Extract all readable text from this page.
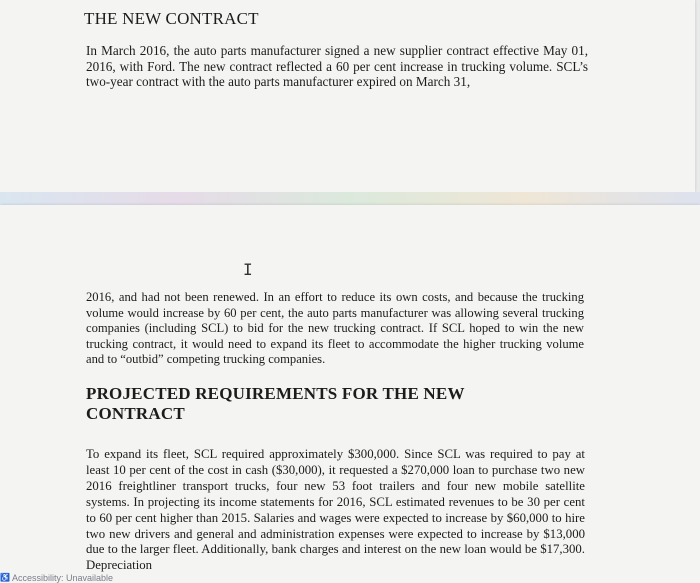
THE NEW CONTRACT

In March 2016, the auto parts manufacturer signed a new supplier contract effective May 01, 2016, with Ford. The new contract reflected a 60 per cent increase in trucking volume. SCL’s two-year contract with the auto parts manufacturer expired on March 31,

I

2016, and had not been renewed. In an effort to reduce its own costs, and because the trucking volume would increase by 60 per cent, the auto parts manufacturer was allowing several trucking companies (including SCL) to bid for the new trucking contract. If SCL hoped to win the new trucking contract, it would need to expand its fleet to accommodate the higher trucking volume and to “outbid” competing trucking companies.

PROJECTED REQUIREMENTS FOR THE NEW CONTRACT

To expand its fleet, SCL required approximately $300,000. Since SCL was required to pay at least 10 per cent of the cost in cash ($30,000), it requested a $270,000 loan to purchase two new 2016 freightliner transport trucks, four new 53 foot trailers and four new mobile satellite systems. In projecting its income statements for 2016, SCL estimated revenues to be 30 per cent to 60 per cent higher than 2015. Salaries and wages were expected to increase by $60,000 to hire two new drivers and general and administration expenses were expected to increase by $13,000 due to the larger fleet. Additionally, bank charges and interest on the new loan would be $17,300. Depreciation

♿ Accessibility: Unavailable
